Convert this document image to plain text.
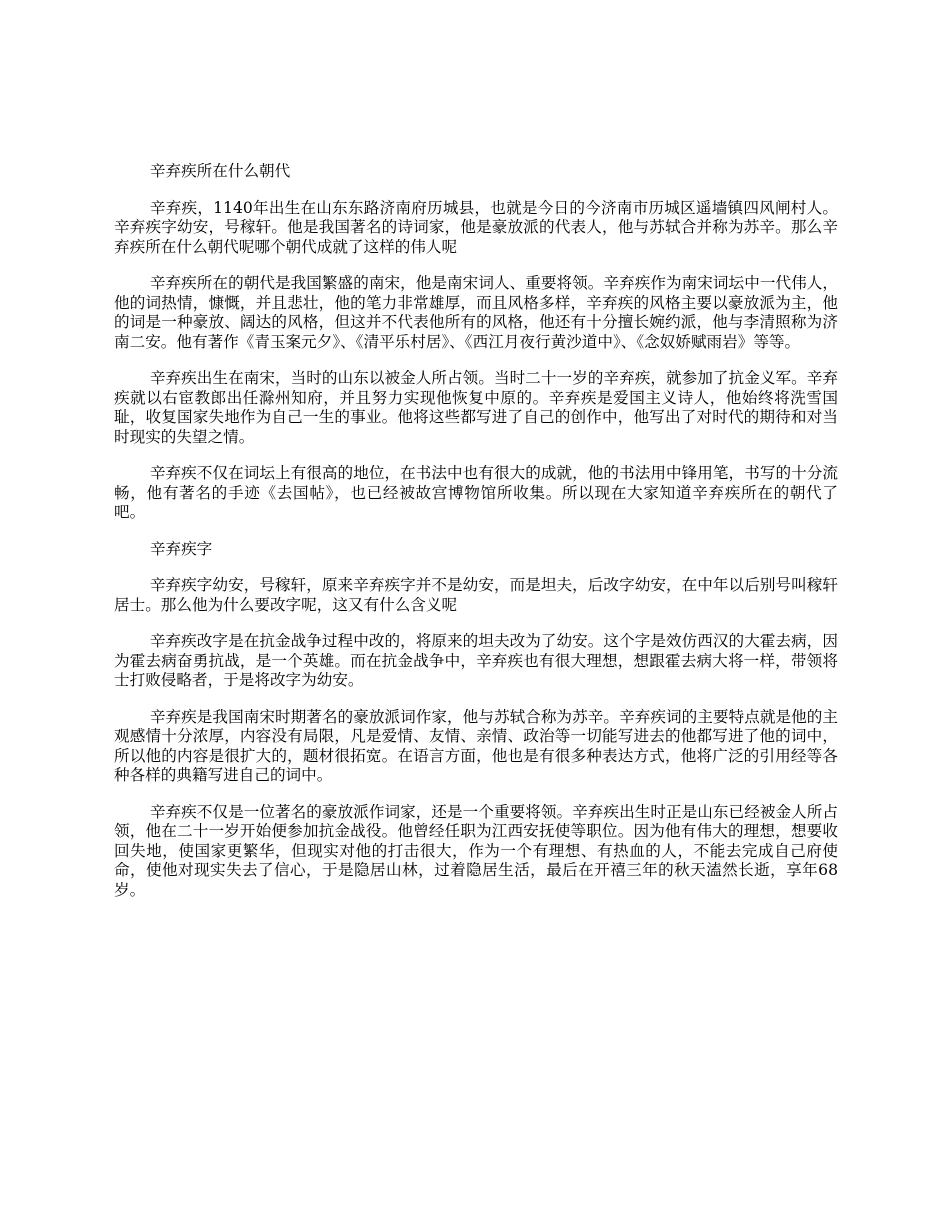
辛弃疾所在什么朝代

辛弃疾，1140年出生在山东东路济南府历城县，也就是今日的今济南市历城区遥墙镇四风闸村人。辛弃疾字幼安，号稼轩。他是我国著名的诗词家，他是豪放派的代表人，他与苏轼合并称为苏辛。那么辛弃疾所在什么朝代呢哪个朝代成就了这样的伟人呢

辛弃疾所在的朝代是我国繁盛的南宋，他是南宋词人、重要将领。辛弃疾作为南宋词坛中一代伟人，他的词热情，慷慨，并且悲壮，他的笔力非常雄厚，而且风格多样，辛弃疾的风格主要以豪放派为主，他的词是一种豪放、阔达的风格，但这并不代表他所有的风格，他还有十分擅长婉约派，他与李清照称为济南二安。他有著作《青玉案元夕》、《清平乐村居》、《西江月夜行黄沙道中》、《念奴娇赋雨岩》等等。

辛弃疾出生在南宋，当时的山东以被金人所占领。当时二十一岁的辛弃疾，就参加了抗金义军。辛弃疾就以右宦教郎出任滁州知府，并且努力实现他恢复中原的。辛弃疾是爱国主义诗人，他始终将洗雪国耻，收复国家失地作为自己一生的事业。他将这些都写进了自己的创作中，他写出了对时代的期待和对当时现实的失望之情。

辛弃疾不仅在词坛上有很高的地位，在书法中也有很大的成就，他的书法用中锋用笔，书写的十分流畅，他有著名的手迹《去国帖》，也已经被故宫博物馆所收集。所以现在大家知道辛弃疾所在的朝代了吧。

辛弃疾字

辛弃疾字幼安，号稼轩，原来辛弃疾字并不是幼安，而是坦夫，后改字幼安，在中年以后别号叫稼轩居士。那么他为什么要改字呢，这又有什么含义呢

辛弃疾改字是在抗金战争过程中改的，将原来的坦夫改为了幼安。这个字是效仿西汉的大霍去病，因为霍去病奋勇抗战，是一个英雄。而在抗金战争中，辛弃疾也有很大理想，想跟霍去病大将一样，带领将士打败侵略者，于是将改字为幼安。

辛弃疾是我国南宋时期著名的豪放派词作家，他与苏轼合称为苏辛。辛弃疾词的主要特点就是他的主观感情十分浓厚，内容没有局限，凡是爱情、友情、亲情、政治等一切能写进去的他都写进了他的词中，所以他的内容是很扩大的，题材很拓宽。在语言方面，他也是有很多种表达方式，他将广泛的引用经等各种各样的典籍写进自己的词中。

辛弃疾不仅是一位著名的豪放派作词家，还是一个重要将领。辛弃疾出生时正是山东已经被金人所占领，他在二十一岁开始便参加抗金战役。他曾经任职为江西安抚使等职位。因为他有伟大的理想，想要收回失地，使国家更繁华，但现实对他的打击很大，作为一个有理想、有热血的人，不能去完成自己府使命，使他对现实失去了信心，于是隐居山林，过着隐居生活，最后在开禧三年的秋天溘然长逝，享年68岁。
